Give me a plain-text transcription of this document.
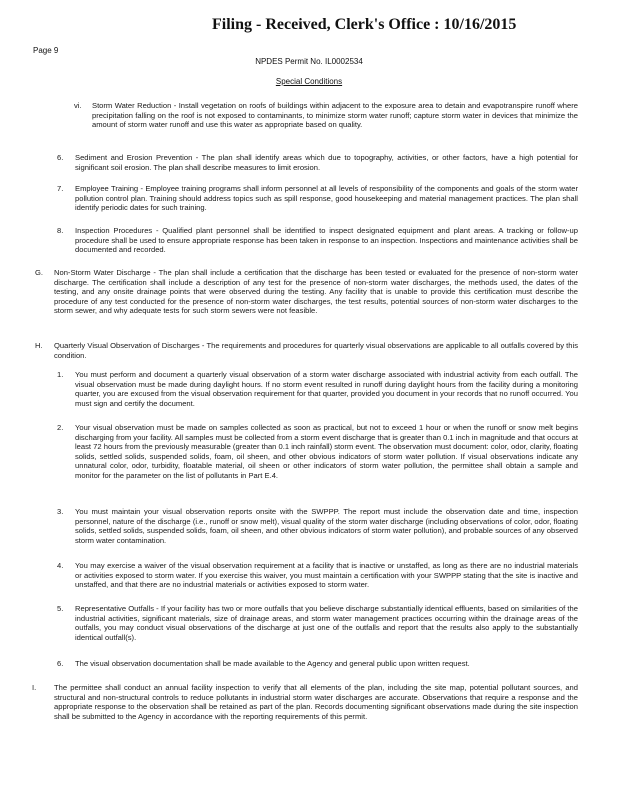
Filing - Received, Clerk's Office : 10/16/2015
Page 9
NPDES Permit No. IL0002534
Special Conditions
vi. Storm Water Reduction - Install vegetation on roofs of buildings within adjacent to the exposure area to detain and evapotranspire runoff where precipitation falling on the roof is not exposed to contaminants, to minimize storm water runoff; capture storm water in devices that minimize the amount of storm water runoff and use this water as appropriate based on quality.
6. Sediment and Erosion Prevention - The plan shall identify areas which due to topography, activities, or other factors, have a high potential for significant soil erosion. The plan shall describe measures to limit erosion.
7. Employee Training - Employee training programs shall inform personnel at all levels of responsibility of the components and goals of the storm water pollution control plan. Training should address topics such as spill response, good housekeeping and material management practices. The plan shall identify periodic dates for such training.
8. Inspection Procedures - Qualified plant personnel shall be identified to inspect designated equipment and plant areas. A tracking or follow-up procedure shall be used to ensure appropriate response has been taken in response to an inspection. Inspections and maintenance activities shall be documented and recorded.
G. Non-Storm Water Discharge - The plan shall include a certification that the discharge has been tested or evaluated for the presence of non-storm water discharge. The certification shall include a description of any test for the presence of non-storm water discharges, the methods used, the dates of the testing, and any onsite drainage points that were observed during the testing. Any facility that is unable to provide this certification must describe the procedure of any test conducted for the presence of non-storm water discharges, the test results, potential sources of non-storm water discharges to the storm sewer, and why adequate tests for such storm sewers were not feasible.
H. Quarterly Visual Observation of Discharges - The requirements and procedures for quarterly visual observations are applicable to all outfalls covered by this condition.
1. You must perform and document a quarterly visual observation of a storm water discharge associated with industrial activity from each outfall. The visual observation must be made during daylight hours. If no storm event resulted in runoff during daylight hours from the facility during a monitoring quarter, you are excused from the visual observation requirement for that quarter, provided you document in your records that no runoff occurred. You must sign and certify the document.
2. Your visual observation must be made on samples collected as soon as practical, but not to exceed 1 hour or when the runoff or snow melt begins discharging from your facility. All samples must be collected from a storm event discharge that is greater than 0.1 inch in magnitude and that occurs at least 72 hours from the previously measurable (greater than 0.1 inch rainfall) storm event. The observation must document: color, odor, clarity, floating solids, settled solids, suspended solids, foam, oil sheen, and other obvious indicators of storm water pollution. If visual observations indicate any unnatural color, odor, turbidity, floatable material, oil sheen or other indicators of storm water pollution, the permittee shall obtain a sample and monitor for the parameter on the list of pollutants in Part E.4.
3. You must maintain your visual observation reports onsite with the SWPPP. The report must include the observation date and time, inspection personnel, nature of the discharge (i.e., runoff or snow melt), visual quality of the storm water discharge (including observations of color, odor, floating solids, settled solids, suspended solids, foam, oil sheen, and other obvious indicators of storm water pollution), and probable sources of any observed storm water contamination.
4. You may exercise a waiver of the visual observation requirement at a facility that is inactive or unstaffed, as long as there are no industrial materials or activities exposed to storm water. If you exercise this waiver, you must maintain a certification with your SWPPP stating that the site is inactive and unstaffed, and that there are no industrial materials or activities exposed to storm water.
5. Representative Outfalls - If your facility has two or more outfalls that you believe discharge substantially identical effluents, based on similarities of the industrial activities, significant materials, size of drainage areas, and storm water management practices occurring within the drainage areas of the outfalls, you may conduct visual observations of the discharge at just one of the outfalls and report that the results also apply to the substantially identical outfall(s).
6. The visual observation documentation shall be made available to the Agency and general public upon written request.
I. The permittee shall conduct an annual facility inspection to verify that all elements of the plan, including the site map, potential pollutant sources, and structural and non-structural controls to reduce pollutants in industrial storm water discharges are accurate. Observations that require a response and the appropriate response to the observation shall be retained as part of the plan. Records documenting significant observations made during the site inspection shall be submitted to the Agency in accordance with the reporting requirements of this permit.
